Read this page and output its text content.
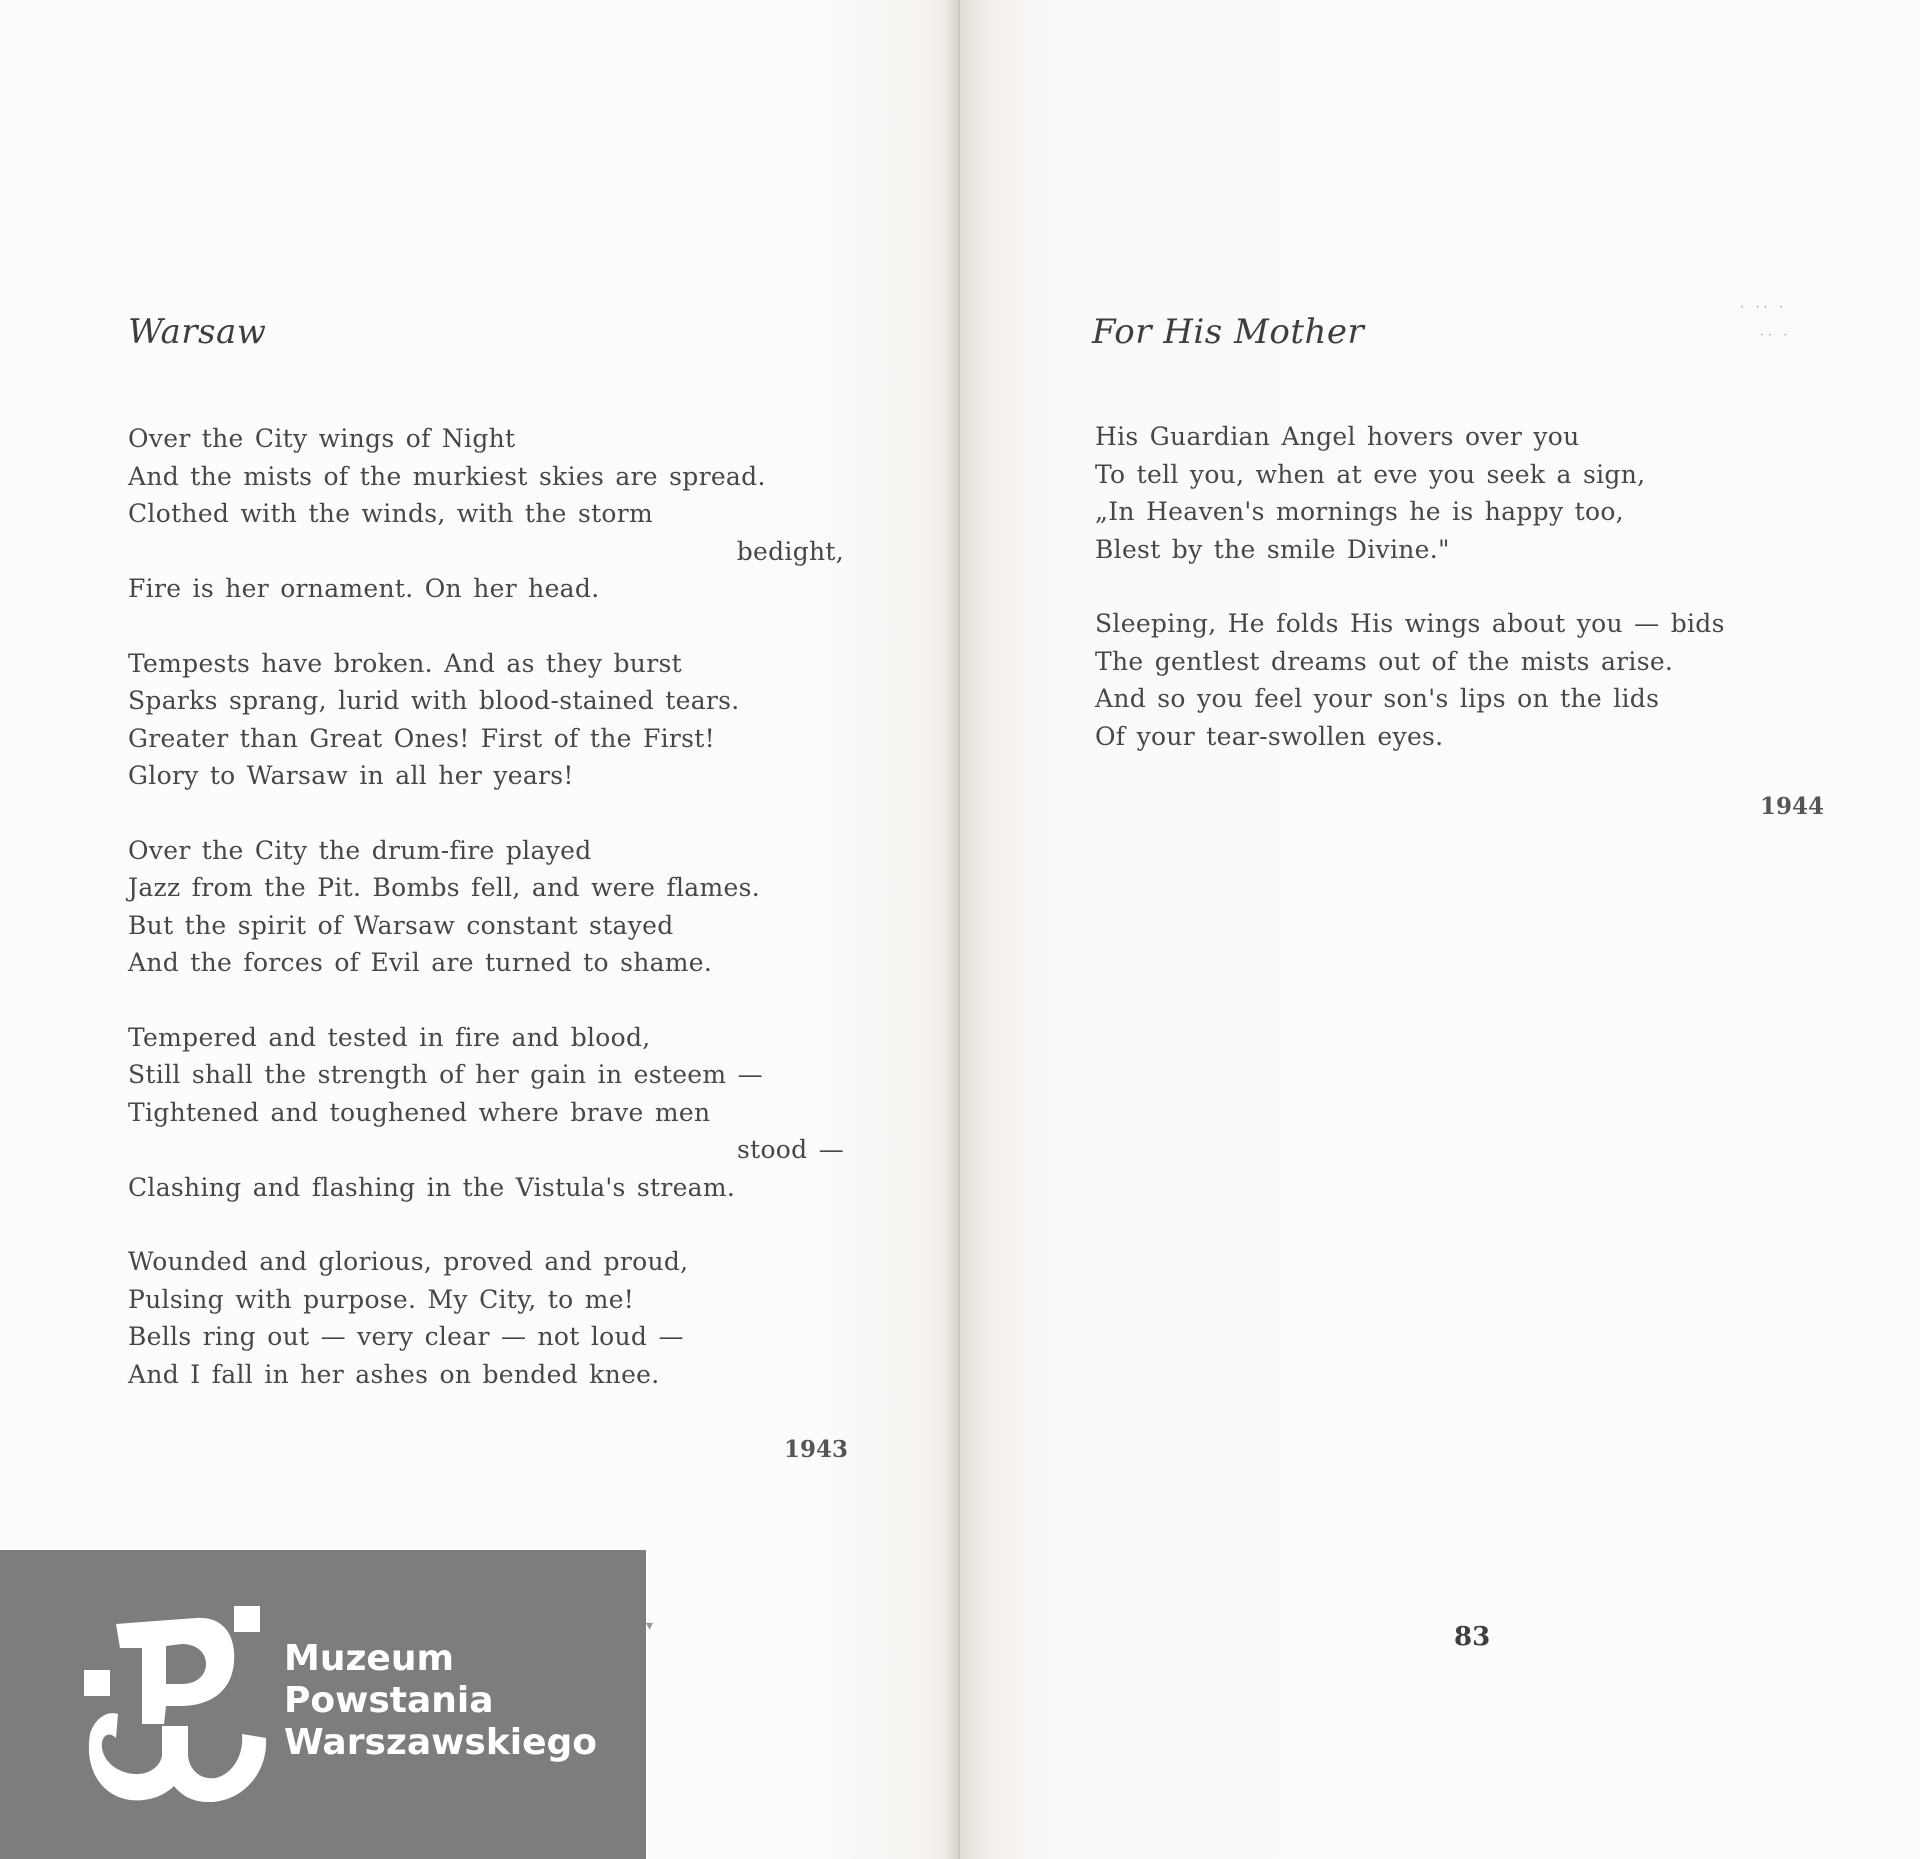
Warsaw
Over the City wings of Night
And the mists of the murkiest skies are spread.
Clothed with the winds, with the storm
bedight,
Fire is her ornament. On her head.
Tempests have broken. And as they burst
Sparks sprang, lurid with blood-stained tears.
Greater than Great Ones! First of the First!
Glory to Warsaw in all her years!
Over the City the drum-fire played
Jazz from the Pit. Bombs fell, and were flames.
But the spirit of Warsaw constant stayed
And the forces of Evil are turned to shame.
Tempered and tested in fire and blood,
Still shall the strength of her gain in esteem —
Tightened and toughened where brave men
stood —
Clashing and flashing in the Vistula's stream.
Wounded and glorious, proved and proud,
Pulsing with purpose. My City, to me!
Bells ring out — very clear — not loud —
And I fall in her ashes on bended knee.
1943
▾
For His Mother
His Guardian Angel hovers over you
To tell you, when at eve you seek a sign,
„In Heaven's mornings he is happy too,
Blest by the smile Divine."
Sleeping, He folds His wings about you — bids
The gentlest dreams out of the mists arise.
And so you feel your son's lips on the lids
Of your tear-swollen eyes.
1944
83
· ·· ·
·· ·
Muzeum
Powstania
Warszawskiego
